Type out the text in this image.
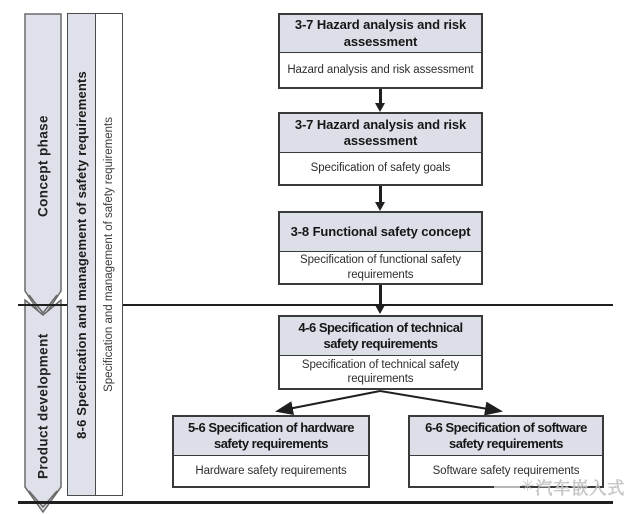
Concept phase
Product development	8-6 Specification and management of safety requirements Specification and management of safety requirements
3-7 Hazard analysis and risk assessment
Hazard analysis and risk assessment
3-7 Hazard analysis and risk assessment
Specification of safety goals
3-8 Functional safety concept
Specification of functional safety requirements
4-6 Specification of technical safety requirements
Specification of technical safety requirements
5-6 Specification of hardware safety requirements
Hardware safety requirements
6-6 Specification of software safety requirements
Software safety requirements
✳ 汽车嵌入式
